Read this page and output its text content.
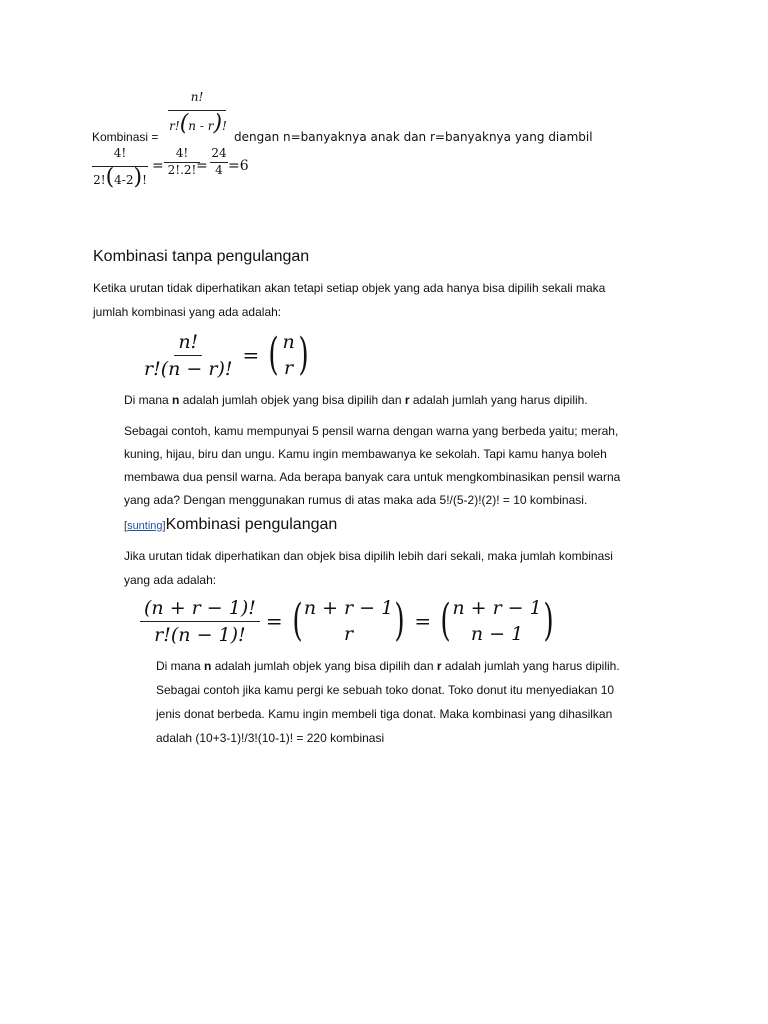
Kombinasi =
$\frac{n!}{r!(n - r)!}$
dengan n=banyaknya anak dan r=banyaknya yang diambil
4!
2!(4-2)!
=
4!
2!.2! =
24
4 =6
Kombinasi tanpa pengulangan
Ketika urutan tidak diperhatikan akan tetapi setiap objek yang ada hanya bisa dipilih sekali maka
jumlah kombinasi yang ada adalah:
$\frac{n!}{r!(n - r)!}$ = ( n
r )
Di mana n adalah jumlah objek yang bisa dipilih dan r adalah jumlah yang harus dipilih.
Sebagai contoh, kamu mempunyai 5 pensil warna dengan warna yang berbeda yaitu; merah,
kuning, hijau, biru dan ungu. Kamu ingin membawanya ke sekolah. Tapi kamu hanya boleh
membawa dua pensil warna. Ada berapa banyak cara untuk mengkombinasikan pensil warna
yang ada? Dengan menggunakan rumus di atas maka ada 5!/(5-2)!(2)! = 10 kombinasi.
[sunting]Kombinasi pengulangan
Jika urutan tidak diperhatikan dan objek bisa dipilih lebih dari sekali, maka jumlah kombinasi
yang ada adalah:
$\frac{(n + r - 1)!}{r!(n - 1)!}$ = ( n + r − 1
r ) = ( n + r − 1
n − 1 )
Di mana n adalah jumlah objek yang bisa dipilih dan r adalah jumlah yang harus dipilih.
Sebagai contoh jika kamu pergi ke sebuah toko donat. Toko donut itu menyediakan 10
jenis donat berbeda. Kamu ingin membeli tiga donat. Maka kombinasi yang dihasilkan
adalah (10+3-1)!/3!(10-1)! = 220 kombinasi
